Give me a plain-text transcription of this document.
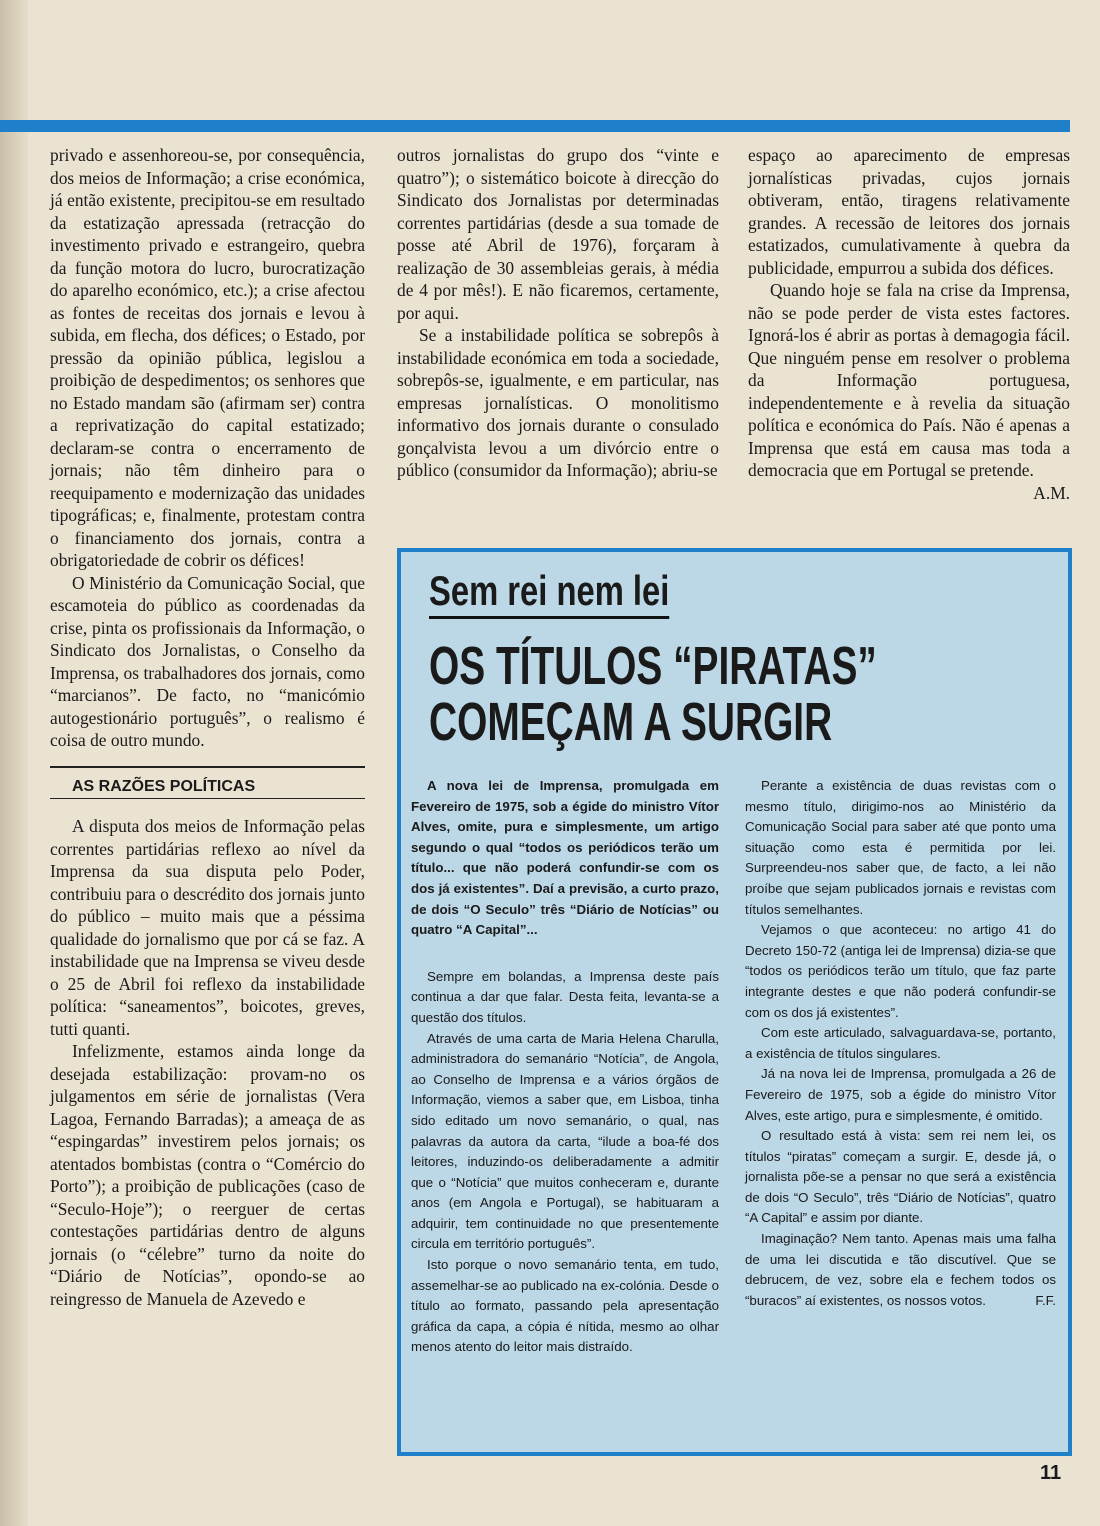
privado e assenhoreou-se, por consequência, dos meios de Informação; a crise económica, já então existente, precipitou-se em resultado da estatização apressada (retracção do investimento privado e estrangeiro, quebra da função motora do lucro, burocratização do aparelho económico, etc.); a crise afectou as fontes de receitas dos jornais e levou à subida, em flecha, dos défices; o Estado, por pressão da opinião pública, legislou a proibição de despedimentos; os senhores que no Estado mandam são (afirmam ser) contra a reprivatização do capital estatizado; declaram-se contra o encerramento de jornais; não têm dinheiro para o reequipamento e modernização das unidades tipográficas; e, finalmente, protestam contra o financiamento dos jornais, contra a obrigatoriedade de cobrir os défices!

O Ministério da Comunicação Social, que escamoteia do público as coordenadas da crise, pinta os profissionais da Informação, o Sindicato dos Jornalistas, o Conselho da Imprensa, os trabalhadores dos jornais, como “marcianos”. De facto, no “manicómio autogestionário português”, o realismo é coisa de outro mundo.

AS RAZÕES POLÍTICAS

A disputa dos meios de Informação pelas correntes partidárias reflexo ao nível da Imprensa da sua disputa pelo Poder, contribuiu para o descrédito dos jornais junto do público – muito mais que a péssima qualidade do jornalismo que por cá se faz. A instabilidade que na Imprensa se viveu desde o 25 de Abril foi reflexo da instabilidade política: “saneamentos”, boicotes, greves, tutti quanti.

Infelizmente, estamos ainda longe da desejada estabilização: provam-no os julgamentos em série de jornalistas (Vera Lagoa, Fernando Barradas); a ameaça de as “espingardas” investirem pelos jornais; os atentados bombistas (contra o “Comércio do Porto”); a proibição de publicações (caso de “Seculo-Hoje”); o reerguer de certas contestações partidárias dentro de alguns jornais (o “célebre” turno da noite do “Diário de Notícias”, opondo-se ao reingresso de Manuela de Azevedo e

outros jornalistas do grupo dos “vinte e quatro”); o sistemático boicote à direcção do Sindicato dos Jornalistas por determinadas correntes partidárias (desde a sua tomade de posse até Abril de 1976), forçaram à realização de 30 assembleias gerais, à média de 4 por mês!). E não ficaremos, certamente, por aqui.

Se a instabilidade política se sobrepôs à instabilidade económica em toda a sociedade, sobrepôs-se, igualmente, e em particular, nas empresas jornalísticas. O monolitismo informativo dos jornais durante o consulado gonçalvista levou a um divórcio entre o público (consumidor da Informação); abriu-se

espaço ao aparecimento de empresas jornalísticas privadas, cujos jornais obtiveram, então, tiragens relativamente grandes. A recessão de leitores dos jornais estatizados, cumulativamente à quebra da publicidade, empurrou a subida dos défices.

Quando hoje se fala na crise da Imprensa, não se pode perder de vista estes factores. Ignorá-los é abrir as portas à demagogia fácil. Que ninguém pense em resolver o problema da Informação portuguesa, independentemente e à revelia da situação política e económica do País. Não é apenas a Imprensa que está em causa mas toda a democracia que em Portugal se pretende.
A.M.

Sem rei nem lei
OS TÍTULOS “PIRATAS”
COMEÇAM A SURGIR

A nova lei de Imprensa, promulgada em Fevereiro de 1975, sob a égide do ministro Vítor Alves, omite, pura e simplesmente, um artigo segundo o qual “todos os periódicos terão um título... que não poderá confundir-se com os dos já existentes”. Daí a previsão, a curto prazo, de dois “O Seculo” três “Diário de Notícias” ou quatro “A Capital”...

Sempre em bolandas, a Imprensa deste país continua a dar que falar. Desta feita, levanta-se a questão dos títulos.

Através de uma carta de Maria Helena Charulla, administradora do semanário “Notícia”, de Angola, ao Conselho de Imprensa e a vários órgãos de Informação, viemos a saber que, em Lisboa, tinha sido editado um novo semanário, o qual, nas palavras da autora da carta, “ilude a boa-fé dos leitores, induzindo-os deliberadamente a admitir que o “Notícia” que muitos conheceram e, durante anos (em Angola e Portugal), se habituaram a adquirir, tem continuidade no que presentemente circula em território português”.

Isto porque o novo semanário tenta, em tudo, assemelhar-se ao publicado na ex-colónia. Desde o título ao formato, passando pela apresentação gráfica da capa, a cópia é nítida, mesmo ao olhar menos atento do leitor mais distraído.

Perante a existência de duas revistas com o mesmo título, dirigimo-nos ao Ministério da Comunicação Social para saber até que ponto uma situação como esta é permitida por lei. Surpreendeu-nos saber que, de facto, a lei não proíbe que sejam publicados jornais e revistas com títulos semelhantes.

Vejamos o que aconteceu: no artigo 41 do Decreto 150-72 (antiga lei de Imprensa) dizia-se que “todos os periódicos terão um título, que faz parte integrante destes e que não poderá confundir-se com os dos já existentes”.

Com este articulado, salvaguardava-se, portanto, a existência de títulos singulares.

Já na nova lei de Imprensa, promulgada a 26 de Fevereiro de 1975, sob a égide do ministro Vítor Alves, este artigo, pura e simplesmente, é omitido.

O resultado está à vista: sem rei nem lei, os títulos “piratas” começam a surgir. E, desde já, o jornalista põe-se a pensar no que será a existência de dois “O Seculo”, três “Diário de Notícias”, quatro “A Capital” e assim por diante.

Imaginação? Nem tanto. Apenas mais uma falha de uma lei discutida e tão discutível. Que se debrucem, de vez, sobre ela e fechem todos os “buracos” aí existentes, os nossos votos.	F.F.

11
